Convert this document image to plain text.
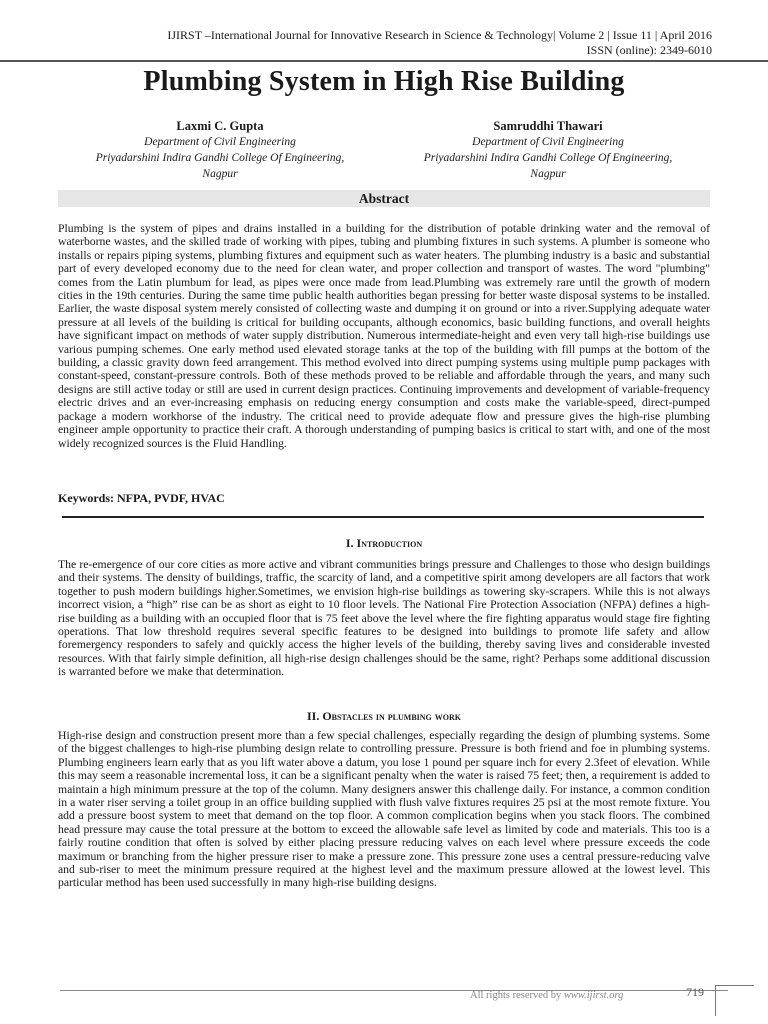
IJIRST –International Journal for Innovative Research in Science & Technology| Volume 2 | Issue 11 | April 2016
ISSN (online): 2349-6010
Plumbing System in High Rise Building
Laxmi C. Gupta
Department of Civil Engineering
Priyadarshini Indira Gandhi College Of Engineering,
Nagpur
Samruddhi Thawari
Department of Civil Engineering
Priyadarshini Indira Gandhi College Of Engineering,
Nagpur
Abstract

Plumbing is the system of pipes and drains installed in a building for the distribution of potable drinking water and the removal of waterborne wastes, and the skilled trade of working with pipes, tubing and plumbing fixtures in such systems. A plumber is someone who installs or repairs piping systems, plumbing fixtures and equipment such as water heaters. The plumbing industry is a basic and substantial part of every developed economy due to the need for clean water, and proper collection and transport of wastes. The word "plumbing" comes from the Latin plumbum for lead, as pipes were once made from lead.Plumbing was extremely rare until the growth of modern cities in the 19th centuries. During the same time public health authorities began pressing for better waste disposal systems to be installed. Earlier, the waste disposal system merely consisted of collecting waste and dumping it on ground or into a river.Supplying adequate water pressure at all levels of the building is critical for building occupants, although economics, basic building functions, and overall heights have significant impact on methods of water supply distribution. Numerous intermediate-height and even very tall high-rise buildings use various pumping schemes. One early method used elevated storage tanks at the top of the building with fill pumps at the bottom of the building, a classic gravity down feed arrangement. This method evolved into direct pumping systems using multiple pump packages with constant-speed, constant-pressure controls. Both of these methods proved to be reliable and affordable through the years, and many such designs are still active today or still are used in current design practices. Continuing improvements and development of variable-frequency electric drives and an ever-increasing emphasis on reducing energy consumption and costs make the variable-speed, direct-pumped package a modern workhorse of the industry. The critical need to provide adequate flow and pressure gives the high-rise plumbing engineer ample opportunity to practice their craft. A thorough understanding of pumping basics is critical to start with, and one of the most widely recognized sources is the Fluid Handling.

Keywords: NFPA, PVDF, HVAC
I. Introduction

The re-emergence of our core cities as more active and vibrant communities brings pressure and Challenges to those who design buildings and their systems. The density of buildings, traffic, the scarcity of land, and a competitive spirit among developers are all factors that work together to push modern buildings higher.Sometimes, we envision high-rise buildings as towering sky-scrapers. While this is not always incorrect vision, a “high” rise can be as short as eight to 10 floor levels. The National Fire Protection Association (NFPA) defines a high-rise building as a building with an occupied floor that is 75 feet above the level where the fire fighting apparatus would stage fire fighting operations. That low threshold requires several specific features to be designed into buildings to promote life safety and allow foremergency responders to safely and quickly access the higher levels of the building, thereby saving lives and considerable invested resources. With that fairly simple definition, all high-rise design challenges should be the same, right? Perhaps some additional discussion is warranted before we make that determination.

II. Obstacles in plumbing work

High-rise design and construction present more than a few special challenges, especially regarding the design of plumbing systems. Some of the biggest challenges to high-rise plumbing design relate to controlling pressure. Pressure is both friend and foe in plumbing systems. Plumbing engineers learn early that as you lift water above a datum, you lose 1 pound per square inch for every 2.3feet of elevation. While this may seem a reasonable incremental loss, it can be a significant penalty when the water is raised 75 feet; then, a requirement is added to maintain a high minimum pressure at the top of the column. Many designers answer this challenge daily. For instance, a common condition in a water riser serving a toilet group in an office building supplied with flush valve fixtures requires 25 psi at the most remote fixture. You add a pressure boost system to meet that demand on the top floor. A common complication begins when you stack floors. The combined head pressure may cause the total pressure at the bottom to exceed the allowable safe level as limited by code and materials. This too is a fairly routine condition that often is solved by either placing pressure reducing valves on each level where pressure exceeds the code maximum or branching from the higher pressure riser to make a pressure zone. This pressure zone uses a central pressure-reducing valve and sub-riser to meet the minimum pressure required at the highest level and the maximum pressure allowed at the lowest level. This particular method has been used successfully in many high-rise building designs.

All rights reserved by www.ijirst.org	719
